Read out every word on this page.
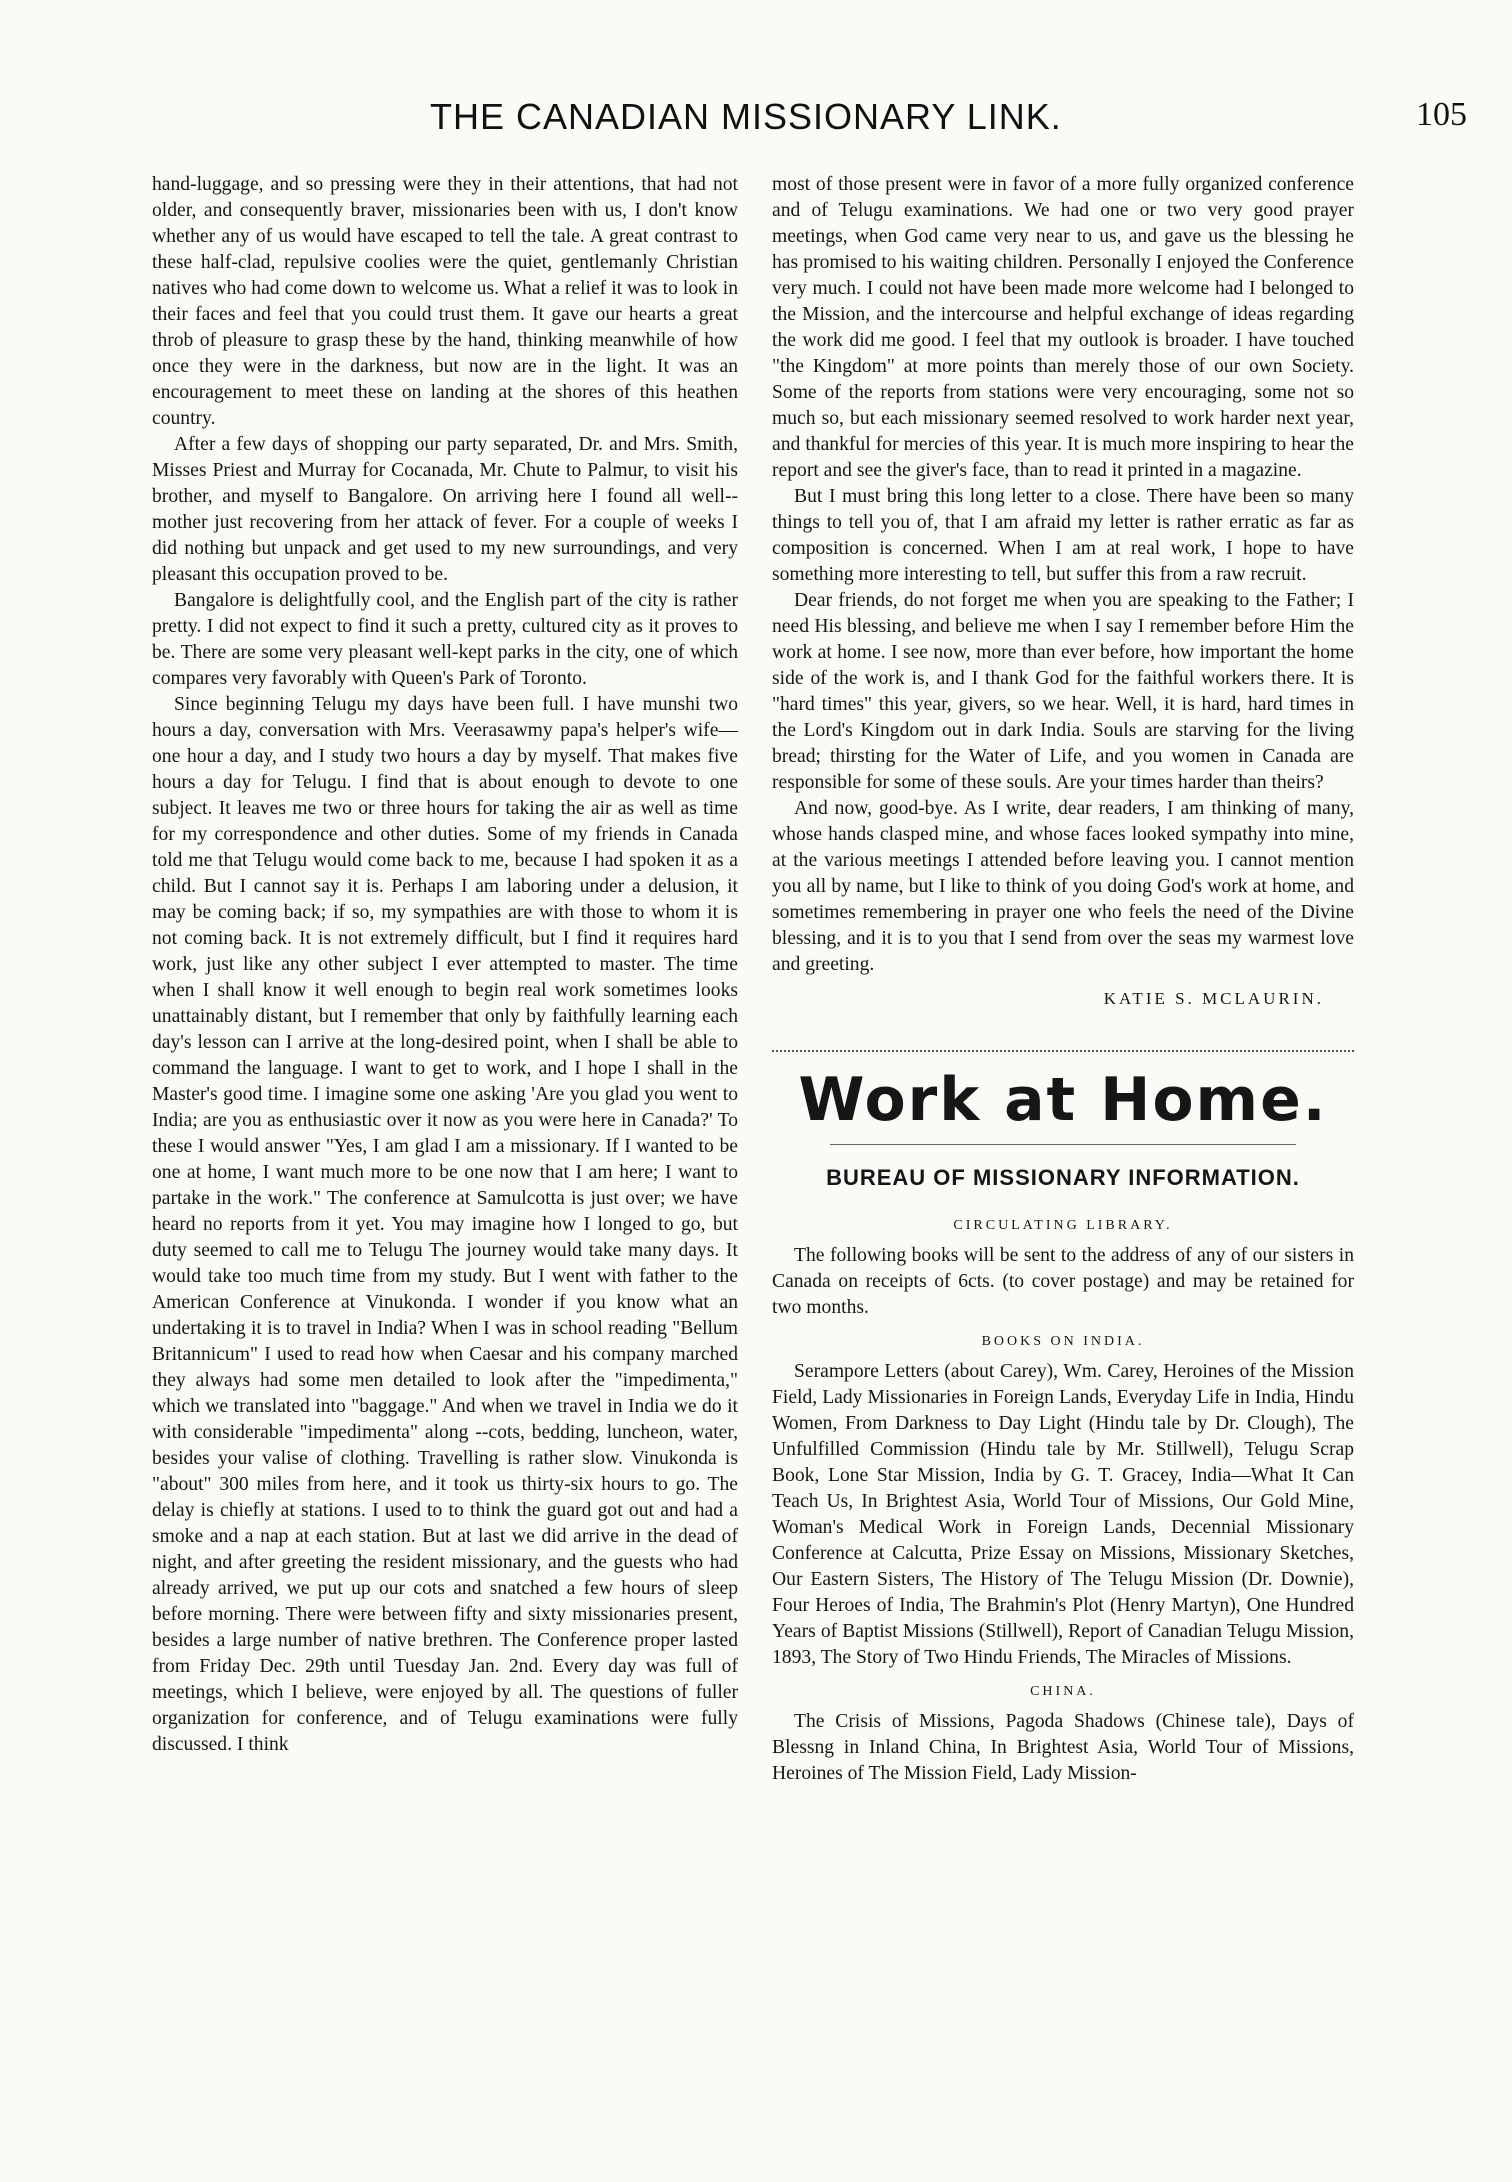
THE CANADIAN MISSIONARY LINK.	105

hand-luggage, and so pressing were they in their attentions, that had not older, and consequently braver, missionaries been with us, I don't know whether any of us would have escaped to tell the tale. A great contrast to these half-clad, repulsive coolies were the quiet, gentlemanly Christian natives who had come down to welcome us. What a relief it was to look in their faces and feel that you could trust them. It gave our hearts a great throb of pleasure to grasp these by the hand, thinking meanwhile of how once they were in the darkness, but now are in the light. It was an encouragement to meet these on landing at the shores of this heathen country.

After a few days of shopping our party separated, Dr. and Mrs. Smith, Misses Priest and Murray for Cocanada, Mr. Chute to Palmur, to visit his brother, and myself to Bangalore. On arriving here I found all well--mother just recovering from her attack of fever. For a couple of weeks I did nothing but unpack and get used to my new surroundings, and very pleasant this occupation proved to be.

Bangalore is delightfully cool, and the English part of the city is rather pretty. I did not expect to find it such a pretty, cultured city as it proves to be. There are some very pleasant well-kept parks in the city, one of which compares very favorably with Queen's Park of Toronto.

Since beginning Telugu my days have been full. I have munshi two hours a day, conversation with Mrs. Veerasawmy papa's helper's wife—one hour a day, and I study two hours a day by myself. That makes five hours a day for Telugu. I find that is about enough to devote to one subject. It leaves me two or three hours for taking the air as well as time for my correspondence and other duties. Some of my friends in Canada told me that Telugu would come back to me, because I had spoken it as a child. But I cannot say it is. Perhaps I am laboring under a delusion, it may be coming back; if so, my sympathies are with those to whom it is not coming back. It is not extremely difficult, but I find it requires hard work, just like any other subject I ever attempted to master. The time when I shall know it well enough to begin real work sometimes looks unattainably distant, but I remember that only by faithfully learning each day's lesson can I arrive at the long-desired point, when I shall be able to command the language. I want to get to work, and I hope I shall in the Master's good time. I imagine some one asking 'Are you glad you went to India; are you as enthusiastic over it now as you were here in Canada?' To these I would answer "Yes, I am glad I am a missionary. If I wanted to be one at home, I want much more to be one now that I am here; I want to partake in the work." The conference at Samulcotta is just over; we have heard no reports from it yet. You may imagine how I longed to go, but duty seemed to call me to Telugu The journey would take many days. It would take too much time from my study. But I went with father to the American Conference at Vinukonda. I wonder if you know what an undertaking it is to travel in India? When I was in school reading "Bellum Britannicum" I used to read how when Caesar and his company marched they always had some men detailed to look after the "impedimenta," which we translated into "baggage." And when we travel in India we do it with considerable "impedimenta" along --cots, bedding, luncheon, water, besides your valise of clothing. Travelling is rather slow. Vinukonda is "about" 300 miles from here, and it took us thirty-six hours to go. The delay is chiefly at stations. I used to to think the guard got out and had a smoke and a nap at each station. But at last we did arrive in the dead of night, and after greeting the resident missionary, and the guests who had already arrived, we put up our cots and snatched a few hours of sleep before morning. There were between fifty and sixty missionaries present, besides a large number of native brethren. The Conference proper lasted from Friday Dec. 29th until Tuesday Jan. 2nd. Every day was full of meetings, which I believe, were enjoyed by all. The questions of fuller organization for conference, and of Telugu examinations were fully discussed. I think

most of those present were in favor of a more fully organized conference and of Telugu examinations. We had one or two very good prayer meetings, when God came very near to us, and gave us the blessing he has promised to his waiting children. Personally I enjoyed the Conference very much. I could not have been made more welcome had I belonged to the Mission, and the intercourse and helpful exchange of ideas regarding the work did me good. I feel that my outlook is broader. I have touched "the Kingdom" at more points than merely those of our own Society. Some of the reports from stations were very encouraging, some not so much so, but each missionary seemed resolved to work harder next year, and thankful for mercies of this year. It is much more inspiring to hear the report and see the giver's face, than to read it printed in a magazine.

But I must bring this long letter to a close. There have been so many things to tell you of, that I am afraid my letter is rather erratic as far as composition is concerned. When I am at real work, I hope to have something more interesting to tell, but suffer this from a raw recruit.

Dear friends, do not forget me when you are speaking to the Father; I need His blessing, and believe me when I say I remember before Him the work at home. I see now, more than ever before, how important the home side of the work is, and I thank God for the faithful workers there. It is "hard times" this year, givers, so we hear. Well, it is hard, hard times in the Lord's Kingdom out in dark India. Souls are starving for the living bread; thirsting for the Water of Life, and you women in Canada are responsible for some of these souls. Are your times harder than theirs?

And now, good-bye. As I write, dear readers, I am thinking of many, whose hands clasped mine, and whose faces looked sympathy into mine, at the various meetings I attended before leaving you. I cannot mention you all by name, but I like to think of you doing God's work at home, and sometimes remembering in prayer one who feels the need of the Divine blessing, and it is to you that I send from over the seas my warmest love and greeting.

KATIE S. MCLAURIN.
Work at Home.
BUREAU OF MISSIONARY INFORMATION.
CIRCULATING LIBRARY.

The following books will be sent to the address of any of our sisters in Canada on receipts of 6cts. (to cover postage) and may be retained for two months.

BOOKS ON INDIA.

Serampore Letters (about Carey), Wm. Carey, Heroines of the Mission Field, Lady Missionaries in Foreign Lands, Everyday Life in India, Hindu Women, From Darkness to Day Light (Hindu tale by Dr. Clough), The Unfulfilled Commission (Hindu tale by Mr. Stillwell), Telugu Scrap Book, Lone Star Mission, India by G. T. Gracey, India—What It Can Teach Us, In Brightest Asia, World Tour of Missions, Our Gold Mine, Woman's Medical Work in Foreign Lands, Decennial Missionary Conference at Calcutta, Prize Essay on Missions, Missionary Sketches, Our Eastern Sisters, The History of The Telugu Mission (Dr. Downie), Four Heroes of India, The Brahmin's Plot (Henry Martyn), One Hundred Years of Baptist Missions (Stillwell), Report of Canadian Telugu Mission, 1893, The Story of Two Hindu Friends, The Miracles of Missions.

CHINA.

The Crisis of Missions, Pagoda Shadows (Chinese tale), Days of Blessng in Inland China, In Brightest Asia, World Tour of Missions, Heroines of The Mission Field, Lady Mission-
